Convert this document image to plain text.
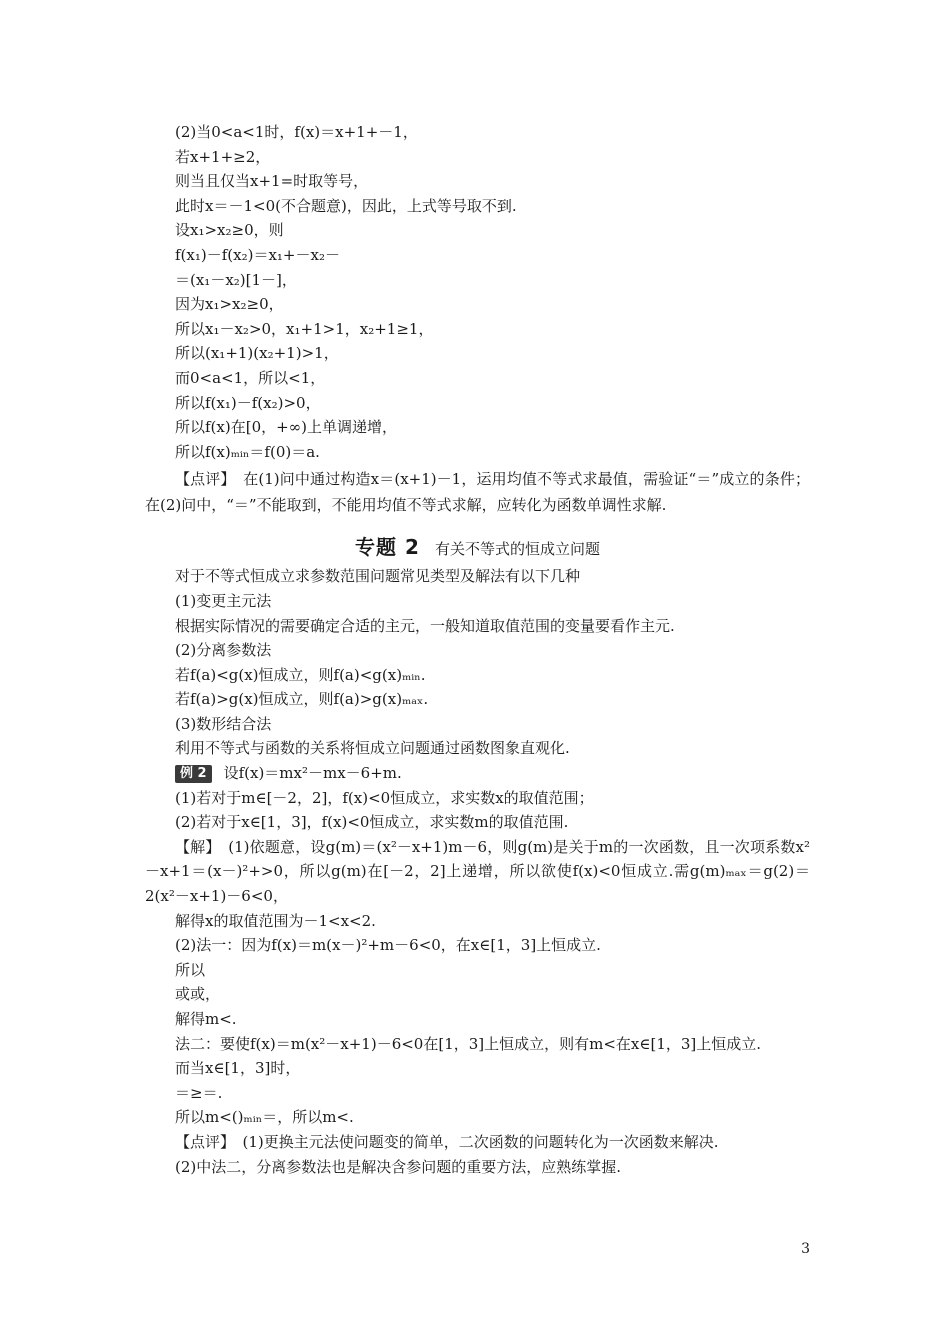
(2)当0<a<1时，f(x)＝x+1+－1，
若x+1+≥2，
则当且仅当x+1=时取等号，
此时x＝－1<0(不合题意)，因此，上式等号取不到.
设x₁>x₂≥0，则
f(x₁)－f(x₂)＝x₁+－x₂－
＝(x₁－x₂)[1－]，
因为x₁>x₂≥0，
所以x₁－x₂>0，x₁+1>1，x₂+1≥1，
所以(x₁+1)(x₂+1)>1，
而0<a<1，所以<1，
所以f(x₁)－f(x₂)>0，
所以f(x)在[0，+∞)上单调递增，
所以f(x)ₘᵢₙ＝f(0)＝a.
【点评】　在(1)问中通过构造x＝(x+1)－1，运用均值不等式求最值，需验证“＝”成立的条件；在(2)问中，“＝”不能取到，不能用均值不等式求解，应转化为函数单调性求解.
专题 2 有关不等式的恒成立问题
对于不等式恒成立求参数范围问题常见类型及解法有以下几种
(1)变更主元法
根据实际情况的需要确定合适的主元，一般知道取值范围的变量要看作主元.
(2)分离参数法
若f(a)<g(x)恒成立，则f(a)<g(x)ₘᵢₙ.
若f(a)>g(x)恒成立，则f(a)>g(x)ₘₐₓ.
(3)数形结合法
利用不等式与函数的关系将恒成立问题通过函数图象直观化.
例 2 设f(x)＝mx²－mx－6+m.
(1)若对于m∈[－2，2]，f(x)<0恒成立，求实数x的取值范围；
(2)若对于x∈[1，3]，f(x)<0恒成立，求实数m的取值范围.
【解】　(1)依题意，设g(m)＝(x²－x+1)m－6，则g(m)是关于m的一次函数，且一次项系数x²－x+1＝(x－)²+>0，所以g(m)在[－2，2]上递增，所以欲使f(x)<0恒成立.需g(m)ₘₐₓ＝g(2)＝2(x²－x+1)－6<0，
解得x的取值范围为－1<x<2.
(2)法一：因为f(x)＝m(x－)²+m－6<0，在x∈[1，3]上恒成立.
所以
或或，
解得m<.
法二：要使f(x)＝m(x²－x+1)－6<0在[1，3]上恒成立，则有m<在x∈[1，3]上恒成立.
而当x∈[1，3]时，
＝≥＝.
所以m<()ₘᵢₙ＝，所以m<.
【点评】　(1)更换主元法使问题变的简单，二次函数的问题转化为一次函数来解决.
(2)中法二，分离参数法也是解决含参问题的重要方法，应熟练掌握.
3
